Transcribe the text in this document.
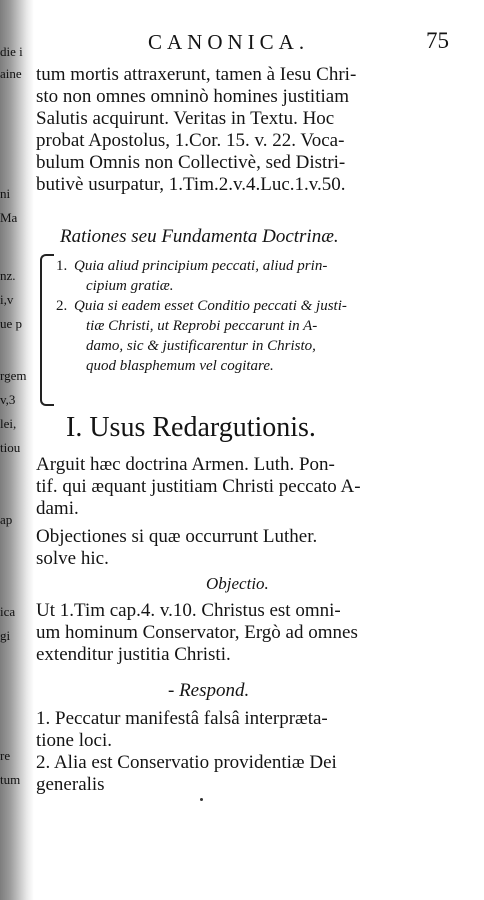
die i
aine
ni
Ma
nz.
i,v
ue p
rgem
v,3
lei,
tiou
ap
ica
gi
re
tum
CANONICA.	75
tum mortis attraxerunt, tamen à Iesu Chri-
sto non omnes omninò homines justitiam
Salutis acquirunt. Veritas in Textu. Hoc
probat Apostolus, 1.Cor. 15. v. 22. Voca-
bulum Omnis non Collectivè, sed Distri-
butivè usurpatur, 1.Tim.2.v.4.Luc.1.v.50.
Rationes seu Fundamenta Doctrinæ.
1. Quia aliud principium peccati, aliud prin-
cipium gratiæ.
2. Quia si eadem esset Conditio peccati & justi-
tiæ Christi, ut Reprobi peccarunt in A-
damo, sic & justificarentur in Christo,
quod blasphemum vel cogitare.
I. Usus Redargutionis.
Arguit hæc doctrina Armen. Luth. Pon-
tif. qui æquant justitiam Christi peccato A-
dami.
Objectiones si quæ occurrunt Luther.
solve hic.
Objectio.
Ut 1.Tim cap.4. v.10. Christus est omni-
um hominum Conservator, Ergò ad omnes
extenditur justitia Christi.
- Respond.
1. Peccatur manifestâ falsâ interpræta-
tione loci.
2. Alia est Conservatio providentiæ Dei
generalis
